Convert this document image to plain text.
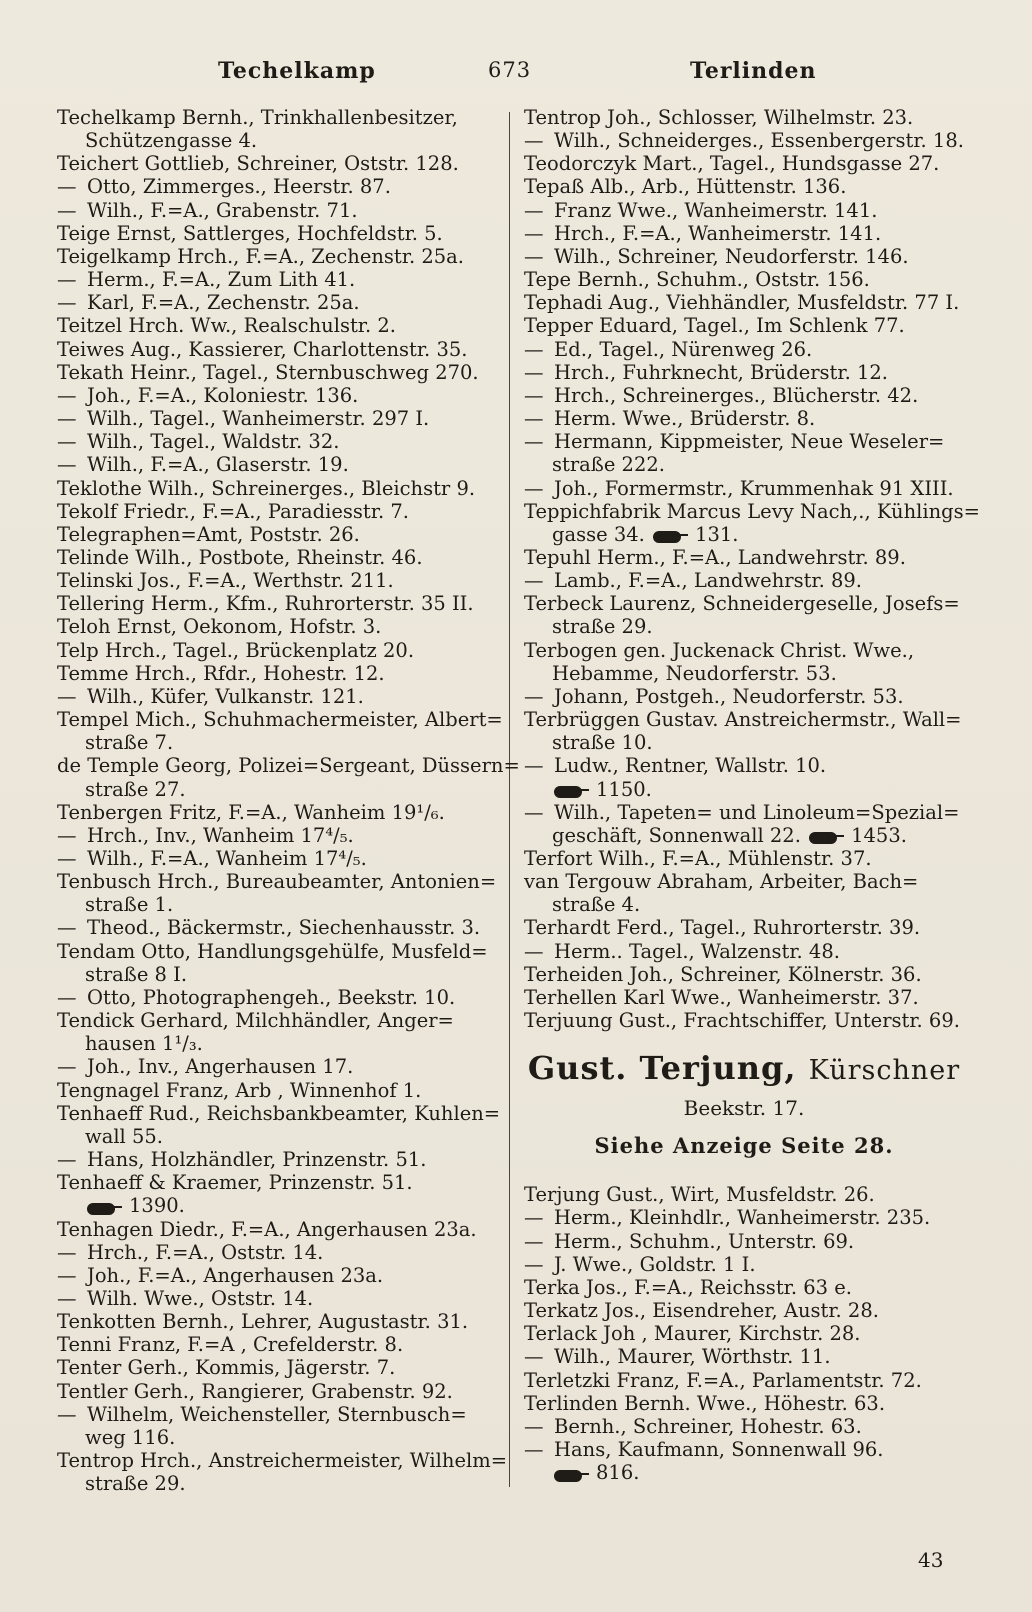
Techelkamp	673	Terlinden
Techelkamp Bernh., Trinkhallenbesitzer,
Schützengasse 4.
Teichert Gottlieb, Schreiner, Oststr. 128.
— Otto, Zimmerges., Heerstr. 87.
— Wilh., F.=A., Grabenstr. 71.
Teige Ernst, Sattlerges, Hochfeldstr. 5.
Teigelkamp Hrch., F.=A., Zechenstr. 25a.
— Herm., F.=A., Zum Lith 41.
— Karl, F.=A., Zechenstr. 25a.
Teitzel Hrch. Ww., Realschulstr. 2.
Teiwes Aug., Kassierer, Charlottenstr. 35.
Tekath Heinr., Tagel., Sternbuschweg 270.
— Joh., F.=A., Koloniestr. 136.
— Wilh., Tagel., Wanheimerstr. 297 I.
— Wilh., Tagel., Waldstr. 32.
— Wilh., F.=A., Glaserstr. 19.
Teklothe Wilh., Schreinerges., Bleichstr 9.
Tekolf Friedr., F.=A., Paradiesstr. 7.
Telegraphen=Amt, Poststr. 26.
Telinde Wilh., Postbote, Rheinstr. 46.
Telinski Jos., F.=A., Werthstr. 211.
Tellering Herm., Kfm., Ruhrorterstr. 35 II.
Teloh Ernst, Oekonom, Hofstr. 3.
Telp Hrch., Tagel., Brückenplatz 20.
Temme Hrch., Rfdr., Hohestr. 12.
— Wilh., Küfer, Vulkanstr. 121.
Tempel Mich., Schuhmachermeister, Albert=
straße 7.
de Temple Georg, Polizei=Sergeant, Düssern=
straße 27.
Tenbergen Fritz, F.=A., Wanheim 19¹/₆.
— Hrch., Inv., Wanheim 17⁴/₅.
— Wilh., F.=A., Wanheim 17⁴/₅.
Tenbusch Hrch., Bureaubeamter, Antonien=
straße 1.
— Theod., Bäckermstr., Siechenhausstr. 3.
Tendam Otto, Handlungsgehülfe, Musfeld=
straße 8 I.
— Otto, Photographengeh., Beekstr. 10.
Tendick Gerhard, Milchhändler, Anger=
hausen 1¹/₃.
— Joh., Inv., Angerhausen 17.
Tengnagel Franz, Arb , Winnenhof 1.
Tenhaeff Rud., Reichsbankbeamter, Kuhlen=
wall 55.
— Hans, Holzhändler, Prinzenstr. 51.
Tenhaeff & Kraemer, Prinzenstr. 51.
1390.
Tenhagen Diedr., F.=A., Angerhausen 23a.
— Hrch., F.=A., Oststr. 14.
— Joh., F.=A., Angerhausen 23a.
— Wilh. Wwe., Oststr. 14.
Tenkotten Bernh., Lehrer, Augustastr. 31.
Tenni Franz, F.=A , Crefelderstr. 8.
Tenter Gerh., Kommis, Jägerstr. 7.
Tentler Gerh., Rangierer, Grabenstr. 92.
— Wilhelm, Weichensteller, Sternbusch=
weg 116.
Tentrop Hrch., Anstreichermeister, Wilhelm=
straße 29.
Tentrop Joh., Schlosser, Wilhelmstr. 23.
— Wilh., Schneiderges., Essenbergerstr. 18.
Teodorczyk Mart., Tagel., Hundsgasse 27.
Tepaß Alb., Arb., Hüttenstr. 136.
— Franz Wwe., Wanheimerstr. 141.
— Hrch., F.=A., Wanheimerstr. 141.
— Wilh., Schreiner, Neudorferstr. 146.
Tepe Bernh., Schuhm., Oststr. 156.
Tephadi Aug., Viehhändler, Musfeldstr. 77 I.
Tepper Eduard, Tagel., Im Schlenk 77.
— Ed., Tagel., Nürenweg 26.
— Hrch., Fuhrknecht, Brüderstr. 12.
— Hrch., Schreinerges., Blücherstr. 42.
— Herm. Wwe., Brüderstr. 8.
— Hermann, Kippmeister, Neue Weseler=
straße 222.
— Joh., Formermstr., Krummenhak 91 XIII.
Teppichfabrik Marcus Levy Nach,., Kühlings=
gasse 34.	131.
Tepuhl Herm., F.=A., Landwehrstr. 89.
— Lamb., F.=A., Landwehrstr. 89.
Terbeck Laurenz, Schneidergeselle, Josefs=
straße 29.
Terbogen gen. Juckenack Christ. Wwe.,
Hebamme, Neudorferstr. 53.
— Johann, Postgeh., Neudorferstr. 53.
Terbrüggen Gustav. Anstreichermstr., Wall=
straße 10.
— Ludw., Rentner, Wallstr. 10.
1150.
— Wilh., Tapeten= und Linoleum=Spezial=
geschäft, Sonnenwall 22.	1453.
Terfort Wilh., F.=A., Mühlenstr. 37.
van Tergouw Abraham, Arbeiter, Bach=
straße 4.
Terhardt Ferd., Tagel., Ruhrorterstr. 39.
— Herm.. Tagel., Walzenstr. 48.
Terheiden Joh., Schreiner, Kölnerstr. 36.
Terhellen Karl Wwe., Wanheimerstr. 37.
Terjuung Gust., Frachtschiffer, Unterstr. 69.
Gust. Terjung, Kürschner
Beekstr. 17.
Siehe Anzeige Seite 28.
Terjung Gust., Wirt, Musfeldstr. 26.
— Herm., Kleinhdlr., Wanheimerstr. 235.
— Herm., Schuhm., Unterstr. 69.
— J. Wwe., Goldstr. 1 I.
Terka Jos., F.=A., Reichsstr. 63 e.
Terkatz Jos., Eisendreher, Austr. 28.
Terlack Joh , Maurer, Kirchstr. 28.
— Wilh., Maurer, Wörthstr. 11.
Terletzki Franz, F.=A., Parlamentstr. 72.
Terlinden Bernh. Wwe., Höhestr. 63.
— Bernh., Schreiner, Hohestr. 63.
— Hans, Kaufmann, Sonnenwall 96.
816.
43
